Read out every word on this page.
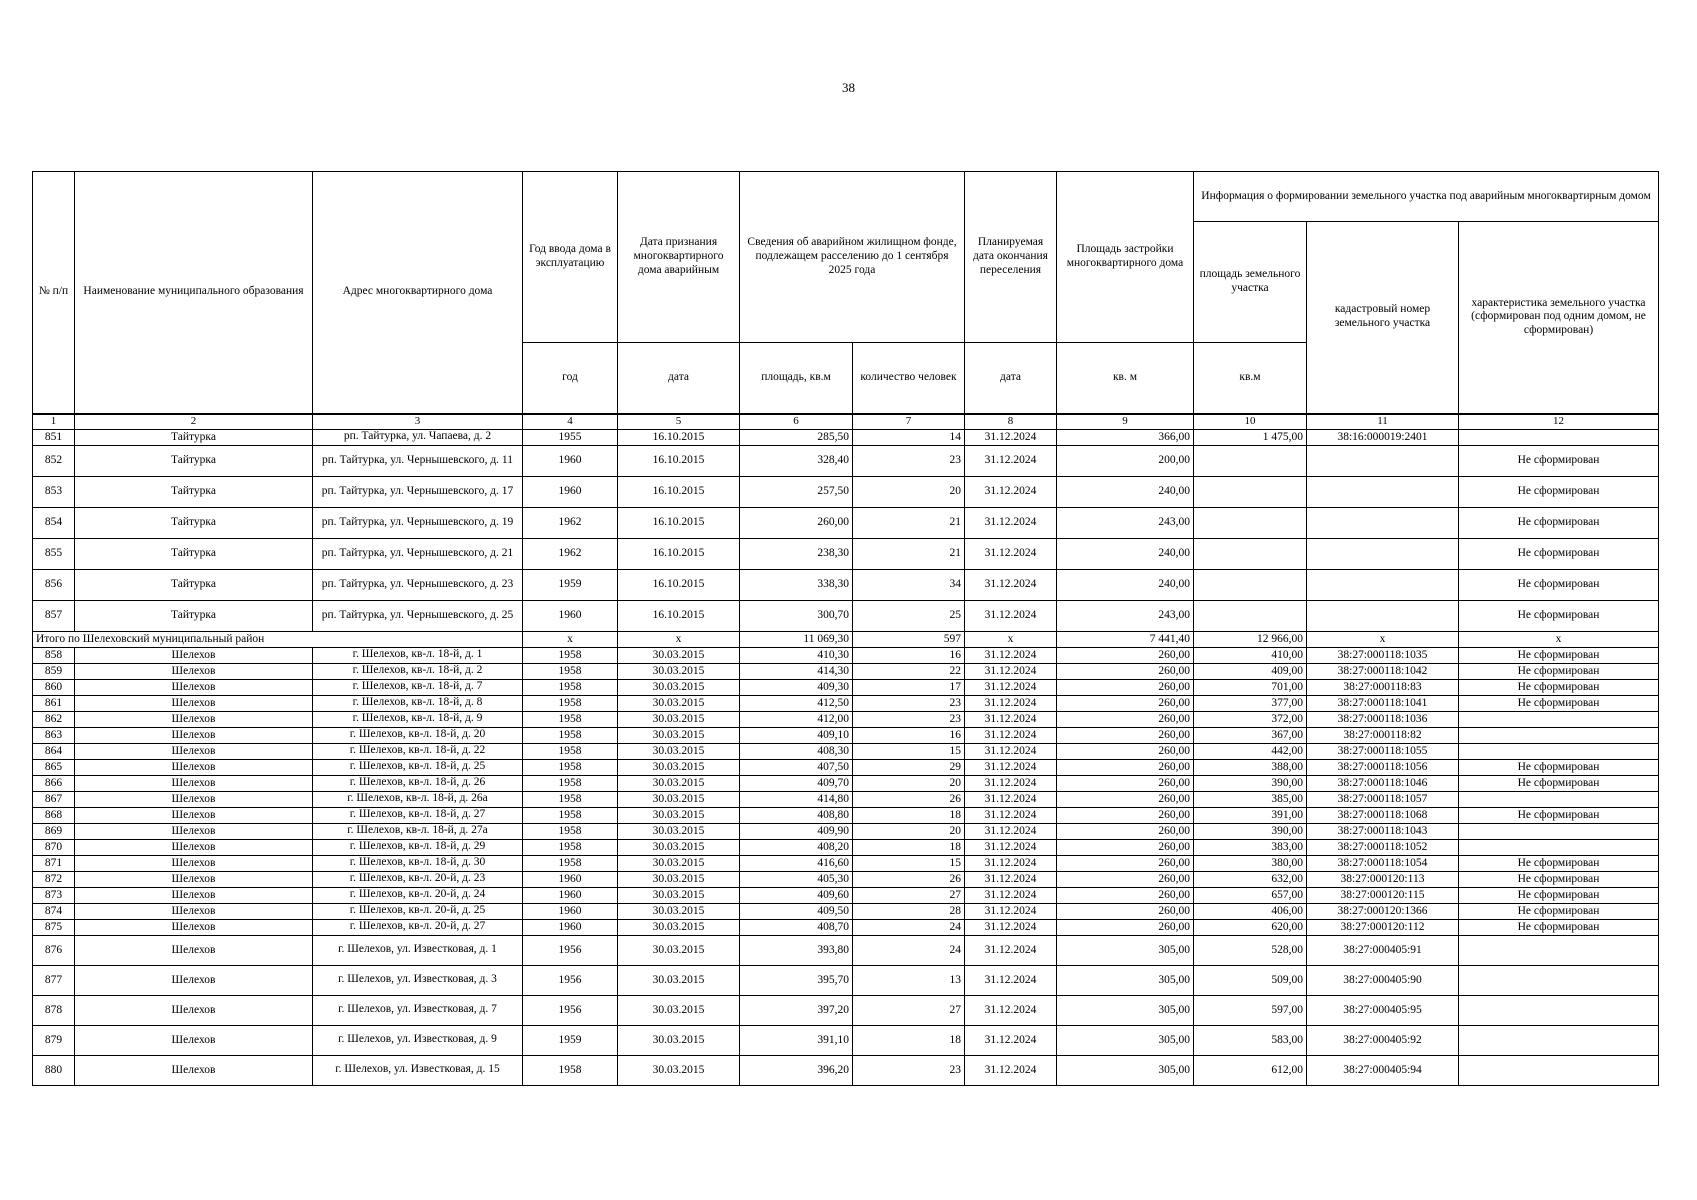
38
№ п/п	Наименование муниципального образования	Адрес многоквартирного дома	Год ввода дома в эксплуатацию	Дата признания многоквартирного дома аварийным	Сведения об аварийном жилищном фонде, подлежащем расселению до 1 сентября 2025 года		Планируемая дата окончания переселения	Площадь застройки многоквартирного дома	Информация о формировании земельного участка под аварийным многоквартирным домом		
									площадь земельного участка	кадастровый номер земельного участка	характеристика земельного участка (сформирован под одним домом, не сформирован)
			год	дата	площадь, кв.м	количество человек	дата	кв. м	кв.м		
1	2	3	4	5	6	7	8	9	10	11	12
851	Тайтурка	рп. Тайтурка, ул. Чапаева, д. 2	1955	16.10.2015	285,50	14	31.12.2024	366,00	1 475,00	38:16:000019:2401	
852	Тайтурка	рп. Тайтурка, ул. Чернышевского, д. 11	1960	16.10.2015	328,40	23	31.12.2024	200,00			Не сформирован
853	Тайтурка	рп. Тайтурка, ул. Чернышевского, д. 17	1960	16.10.2015	257,50	20	31.12.2024	240,00			Не сформирован
854	Тайтурка	рп. Тайтурка, ул. Чернышевского, д. 19	1962	16.10.2015	260,00	21	31.12.2024	243,00			Не сформирован
855	Тайтурка	рп. Тайтурка, ул. Чернышевского, д. 21	1962	16.10.2015	238,30	21	31.12.2024	240,00			Не сформирован
856	Тайтурка	рп. Тайтурка, ул. Чернышевского, д. 23	1959	16.10.2015	338,30	34	31.12.2024	240,00			Не сформирован
857	Тайтурка	рп. Тайтурка, ул. Чернышевского, д. 25	1960	16.10.2015	300,70	25	31.12.2024	243,00			Не сформирован
Итого по Шелеховский муниципальный район			х	х	11 069,30	597	х	7 441,40	12 966,00	х	х
858	Шелехов	г. Шелехов, кв-л. 18-й, д. 1	1958	30.03.2015	410,30	16	31.12.2024	260,00	410,00	38:27:000118:1035	Не сформирован
859	Шелехов	г. Шелехов, кв-л. 18-й, д. 2	1958	30.03.2015	414,30	22	31.12.2024	260,00	409,00	38:27:000118:1042	Не сформирован
860	Шелехов	г. Шелехов, кв-л. 18-й, д. 7	1958	30.03.2015	409,30	17	31.12.2024	260,00	701,00	38:27:000118:83	Не сформирован
861	Шелехов	г. Шелехов, кв-л. 18-й, д. 8	1958	30.03.2015	412,50	23	31.12.2024	260,00	377,00	38:27:000118:1041	Не сформирован
862	Шелехов	г. Шелехов, кв-л. 18-й, д. 9	1958	30.03.2015	412,00	23	31.12.2024	260,00	372,00	38:27:000118:1036	
863	Шелехов	г. Шелехов, кв-л. 18-й, д. 20	1958	30.03.2015	409,10	16	31.12.2024	260,00	367,00	38:27:000118:82	
864	Шелехов	г. Шелехов, кв-л. 18-й, д. 22	1958	30.03.2015	408,30	15	31.12.2024	260,00	442,00	38:27:000118:1055	
865	Шелехов	г. Шелехов, кв-л. 18-й, д. 25	1958	30.03.2015	407,50	29	31.12.2024	260,00	388,00	38:27:000118:1056	Не сформирован
866	Шелехов	г. Шелехов, кв-л. 18-й, д. 26	1958	30.03.2015	409,70	20	31.12.2024	260,00	390,00	38:27:000118:1046	Не сформирован
867	Шелехов	г. Шелехов, кв-л. 18-й, д. 26а	1958	30.03.2015	414,80	26	31.12.2024	260,00	385,00	38:27:000118:1057	
868	Шелехов	г. Шелехов, кв-л. 18-й, д. 27	1958	30.03.2015	408,80	18	31.12.2024	260,00	391,00	38:27:000118:1068	Не сформирован
869	Шелехов	г. Шелехов, кв-л. 18-й, д. 27а	1958	30.03.2015	409,90	20	31.12.2024	260,00	390,00	38:27:000118:1043	
870	Шелехов	г. Шелехов, кв-л. 18-й, д. 29	1958	30.03.2015	408,20	18	31.12.2024	260,00	383,00	38:27:000118:1052	
871	Шелехов	г. Шелехов, кв-л. 18-й, д. 30	1958	30.03.2015	416,60	15	31.12.2024	260,00	380,00	38:27:000118:1054	Не сформирован
872	Шелехов	г. Шелехов, кв-л. 20-й, д. 23	1960	30.03.2015	405,30	26	31.12.2024	260,00	632,00	38:27:000120:113	Не сформирован
873	Шелехов	г. Шелехов, кв-л. 20-й, д. 24	1960	30.03.2015	409,60	27	31.12.2024	260,00	657,00	38:27:000120:115	Не сформирован
874	Шелехов	г. Шелехов, кв-л. 20-й, д. 25	1960	30.03.2015	409,50	28	31.12.2024	260,00	406,00	38:27:000120:1366	Не сформирован
875	Шелехов	г. Шелехов, кв-л. 20-й, д. 27	1960	30.03.2015	408,70	24	31.12.2024	260,00	620,00	38:27:000120:112	Не сформирован
876	Шелехов	г. Шелехов, ул. Известковая, д. 1	1956	30.03.2015	393,80	24	31.12.2024	305,00	528,00	38:27:000405:91	
877	Шелехов	г. Шелехов, ул. Известковая, д. 3	1956	30.03.2015	395,70	13	31.12.2024	305,00	509,00	38:27:000405:90	
878	Шелехов	г. Шелехов, ул. Известковая, д. 7	1956	30.03.2015	397,20	27	31.12.2024	305,00	597,00	38:27:000405:95	
879	Шелехов	г. Шелехов, ул. Известковая, д. 9	1959	30.03.2015	391,10	18	31.12.2024	305,00	583,00	38:27:000405:92	
880	Шелехов	г. Шелехов, ул. Известковая, д. 15	1958	30.03.2015	396,20	23	31.12.2024	305,00	612,00	38:27:000405:94	
